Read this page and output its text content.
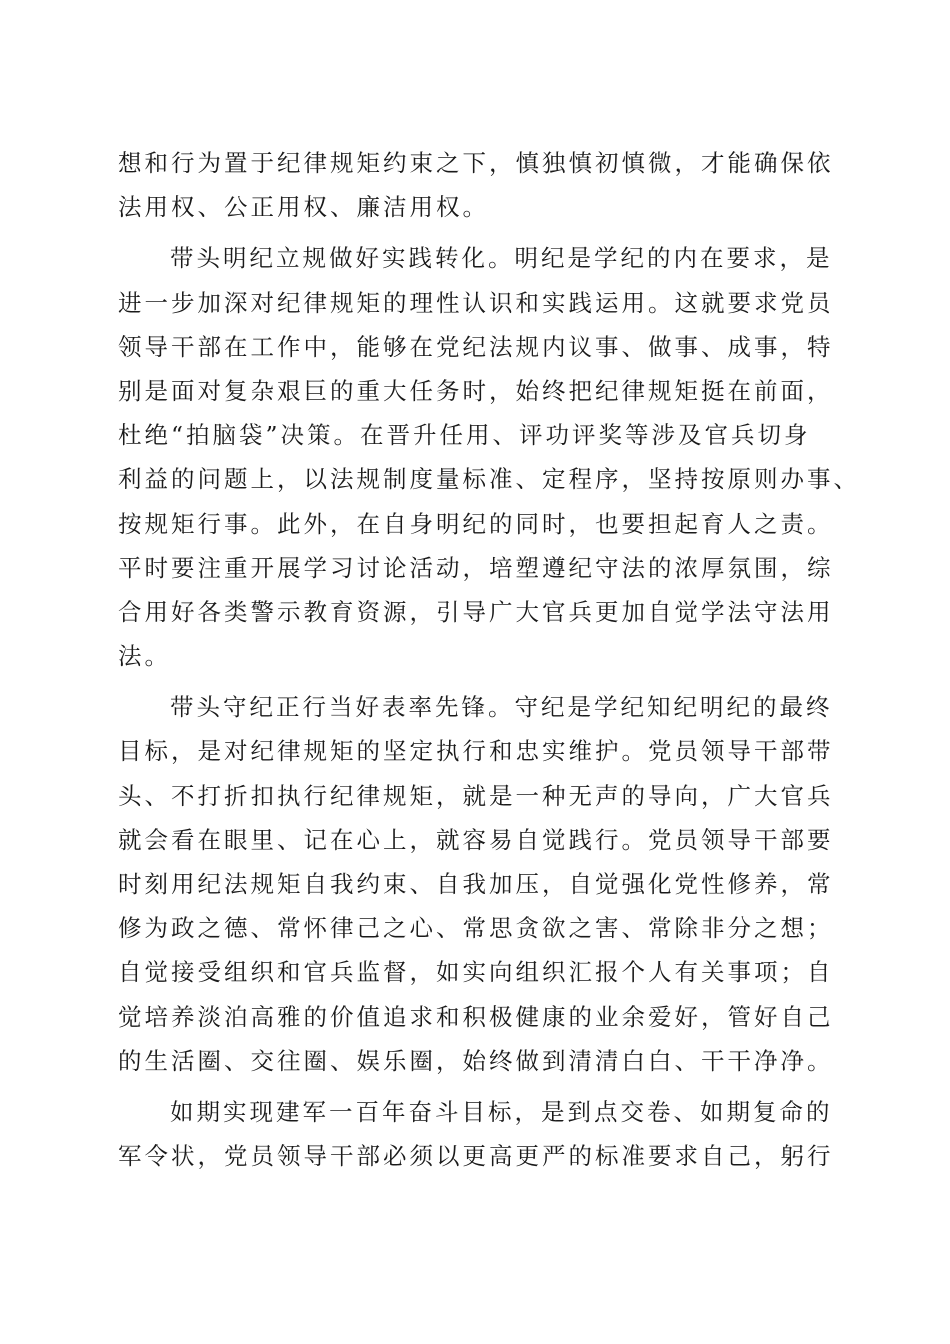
想和行为置于纪律规矩约束之下，慎独慎初慎微，才能确保依
法用权、公正用权、廉洁用权。
带头明纪立规做好实践转化。明纪是学纪的内在要求，是
进一步加深对纪律规矩的理性认识和实践运用。这就要求党员
领导干部在工作中，能够在党纪法规内议事、做事、成事，特
别是面对复杂艰巨的重大任务时，始终把纪律规矩挺在前面，
杜绝“拍脑袋”决策。在晋升任用、评功评奖等涉及官兵切身
利益的问题上，以法规制度量标准、定程序，坚持按原则办事、
按规矩行事。此外，在自身明纪的同时，也要担起育人之责。
平时要注重开展学习讨论活动，培塑遵纪守法的浓厚氛围，综
合用好各类警示教育资源，引导广大官兵更加自觉学法守法用
法。
带头守纪正行当好表率先锋。守纪是学纪知纪明纪的最终
目标，是对纪律规矩的坚定执行和忠实维护。党员领导干部带
头、不打折扣执行纪律规矩，就是一种无声的导向，广大官兵
就会看在眼里、记在心上，就容易自觉践行。党员领导干部要
时刻用纪法规矩自我约束、自我加压，自觉强化党性修养，常
修为政之德、常怀律己之心、常思贪欲之害、常除非分之想；
自觉接受组织和官兵监督，如实向组织汇报个人有关事项；自
觉培养淡泊高雅的价值追求和积极健康的业余爱好，管好自己
的生活圈、交往圈、娱乐圈，始终做到清清白白、干干净净。
如期实现建军一百年奋斗目标，是到点交卷、如期复命的
军令状，党员领导干部必须以更高更严的标准要求自己，躬行
